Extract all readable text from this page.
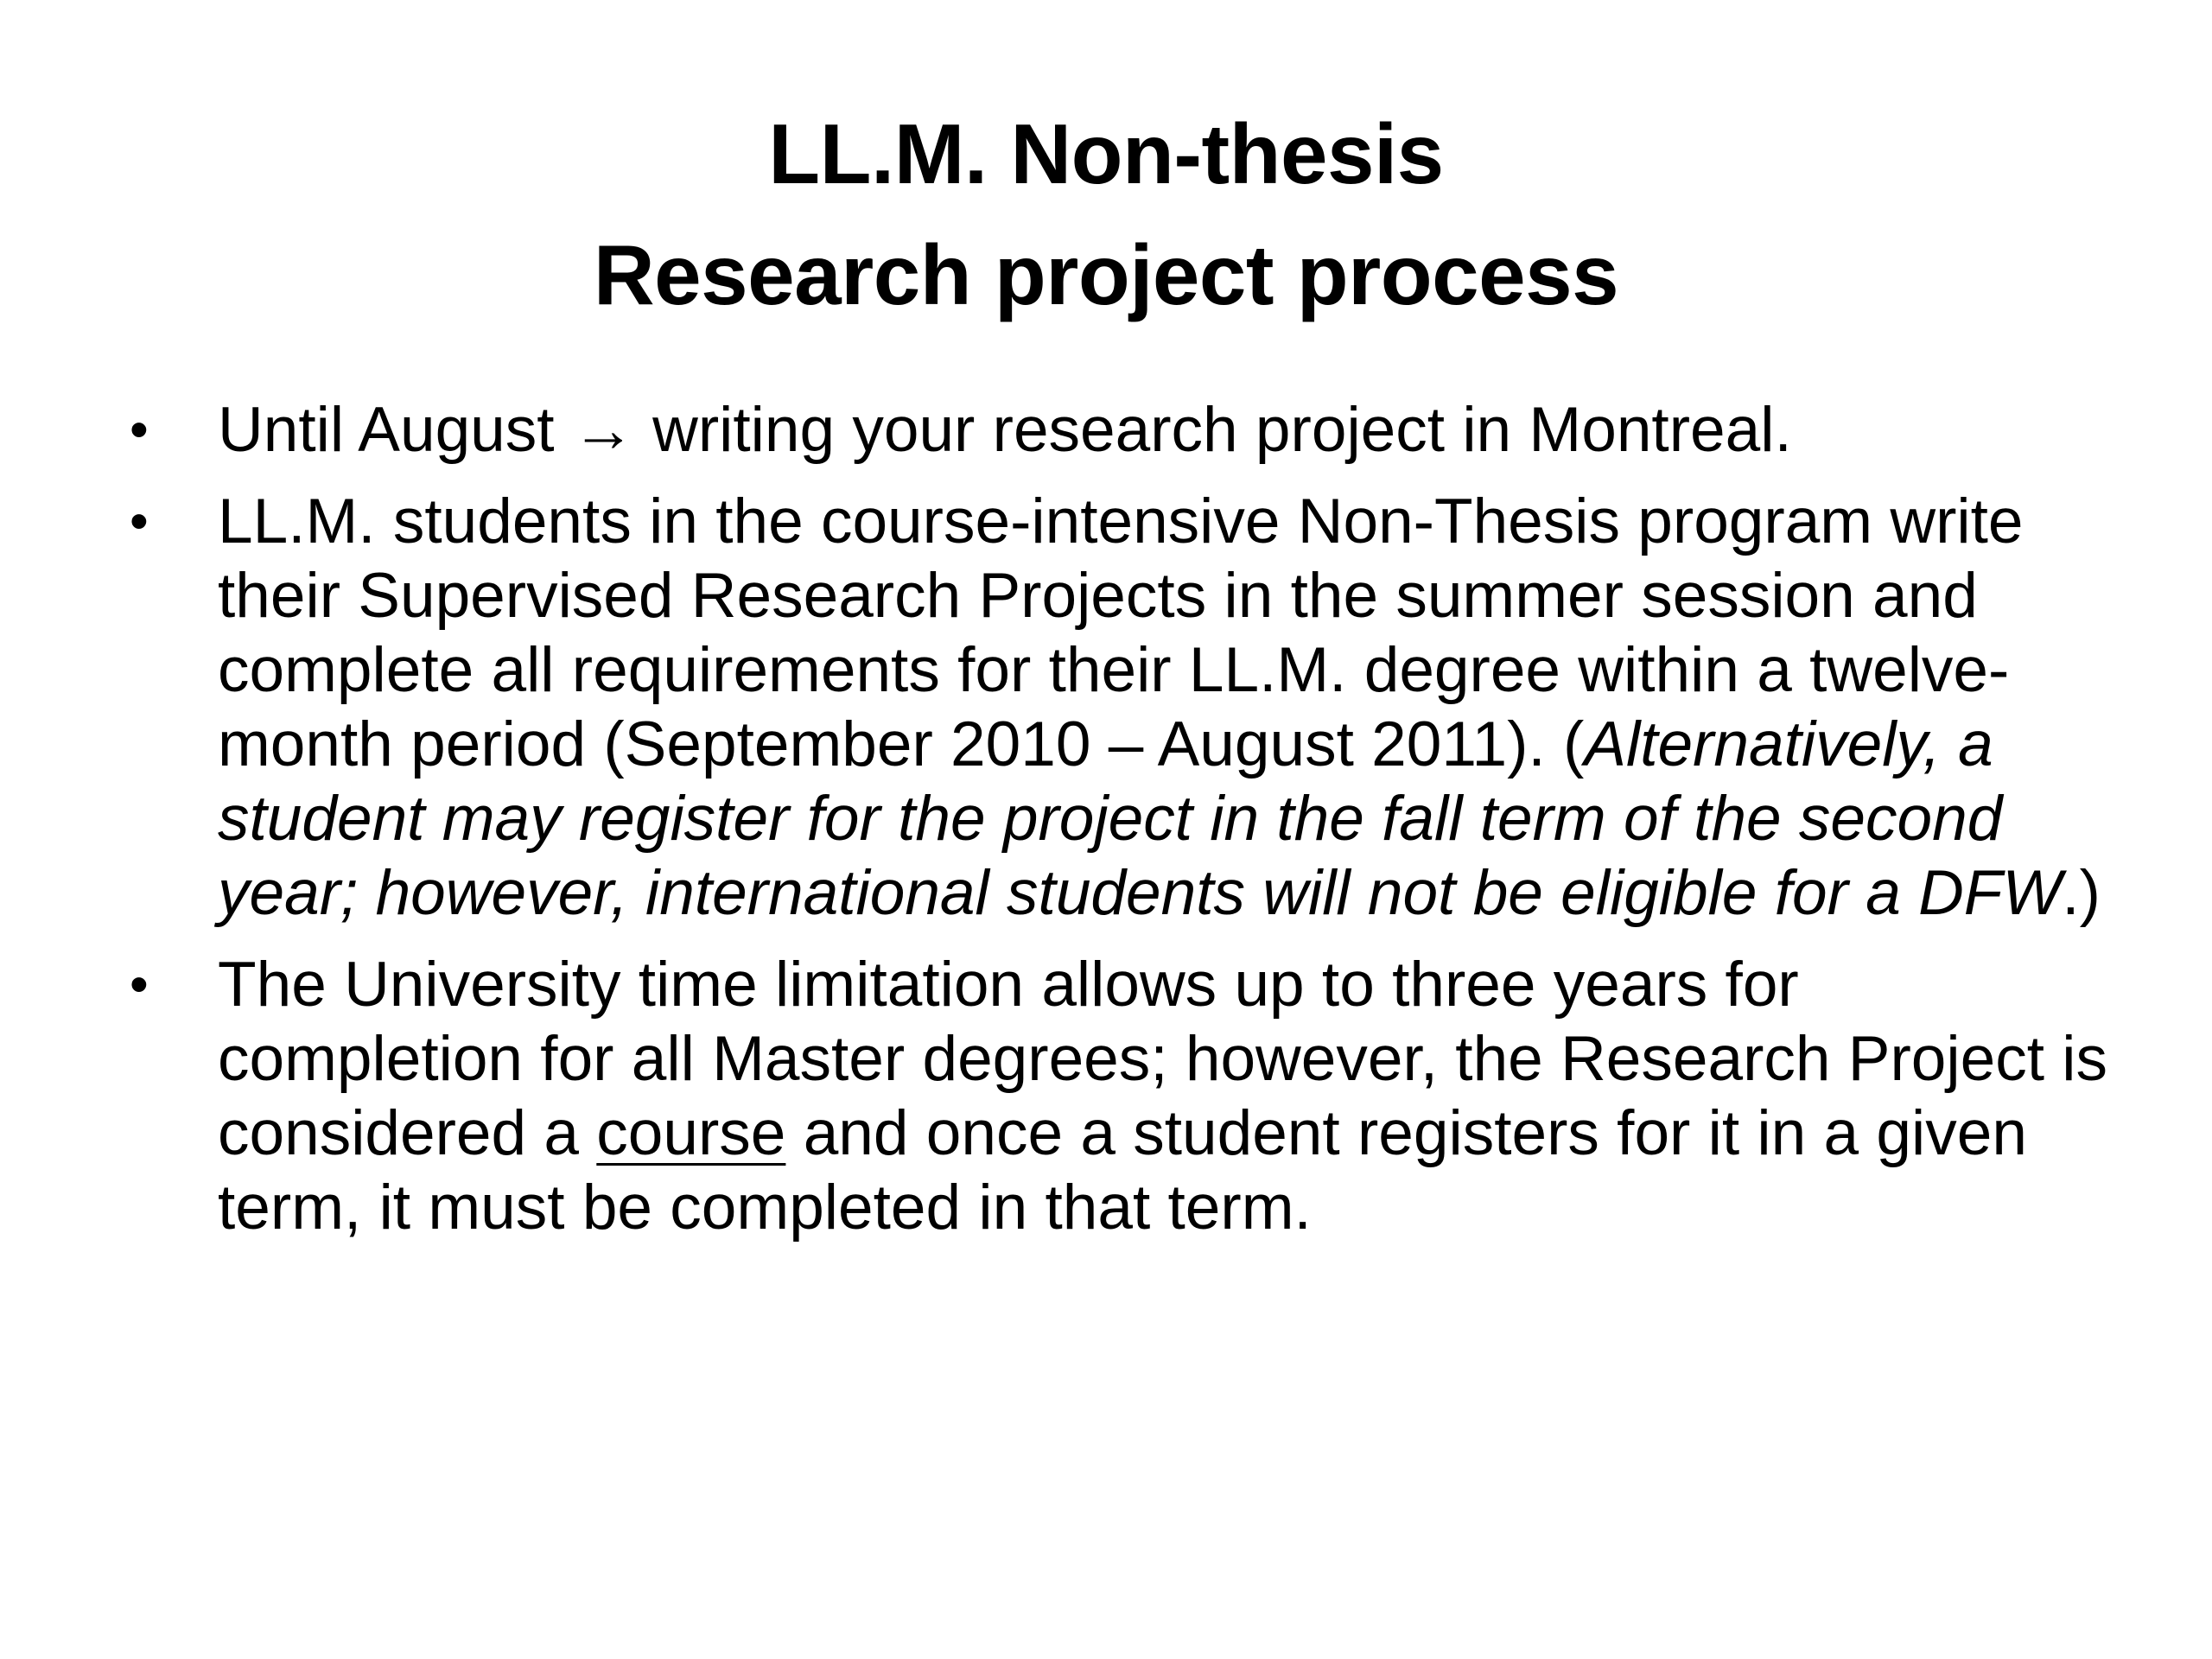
LL.M. Non-thesis
Research project process
• Until August → writing your research project in Montreal.
• LL.M. students in the course-intensive Non-Thesis program write their Supervised Research Projects in the summer session and complete all requirements for their LL.M. degree within a twelve-month period (September 2010 – August 2011). (Alternatively, a student may register for the project in the fall term of the second year; however, international students will not be eligible for a DFW.)
• The University time limitation allows up to three years for completion for all Master degrees; however, the Research Project is considered a course and once a student registers for it in a given term, it must be completed in that term.
